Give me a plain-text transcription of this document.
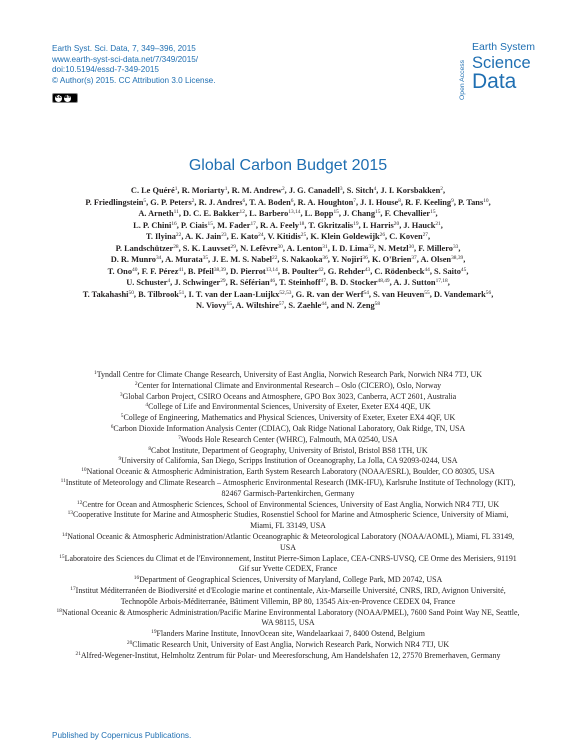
Earth Syst. Sci. Data, 7, 349–396, 2015
www.earth-syst-sci-data.net/7/349/2015/
doi:10.5194/essd-7-349-2015
© Author(s) 2015. CC Attribution 3.0 License.
cc BY	Open Access
Earth System
Science
Data
Global Carbon Budget 2015
C. Le Quéré$^1$, R. Moriarty$^1$, R. M. Andrew$^2$, J. G. Canadell$^3$, S. Sitch$^4$, J. I. Korsbakken$^2$,
P. Friedlingstein$^5$, G. P. Peters$^2$, R. J. Andres$^6$, T. A. Boden$^6$, R. A. Houghton$^7$, J. I. House$^8$, R. F. Keeling$^9$, P. Tans$^{10}$,
A. Arneth$^{11}$, D. C. E. Bakker$^{12}$, L. Barbero$^{13,14}$, L. Bopp$^{15}$, J. Chang$^{15}$, F. Chevallier$^{15}$,
L. P. Chini$^{16}$, P. Ciais$^{15}$, M. Fader$^{17}$, R. A. Feely$^{18}$, T. Gkritzalis$^{19}$, I. Harris$^{20}$, J. Hauck$^{21}$,
T. Ilyina$^{22}$, A. K. Jain$^{23}$, E. Kato$^{24}$, V. Kitidis$^{25}$, K. Klein Goldewijk$^{26}$, C. Koven$^{27}$,
P. Landschützer$^{28}$, S. K. Lauvset$^{29}$, N. Lefèvre$^{30}$, A. Lenton$^{31}$, I. D. Lima$^{32}$, N. Metzl$^{30}$, F. Millero$^{33}$,
D. R. Munro$^{34}$, A. Murata$^{35}$, J. E. M. S. Nabel$^{22}$, S. Nakaoka$^{36}$, Y. Nojiri$^{36}$, K. O'Brien$^{37}$, A. Olsen$^{38,39}$,
T. Ono$^{40}$, F. F. Pérez$^{41}$, B. Pfeil$^{38,39}$, D. Pierrot$^{13,14}$, B. Poulter$^{42}$, G. Rehder$^{43}$, C. Rödenbeck$^{44}$, S. Saito$^{45}$,
U. Schuster$^4$, J. Schwinger$^{29}$, R. Séférian$^{46}$, T. Steinhoff$^{47}$, B. D. Stocker$^{48,49}$, A. J. Sutton$^{17,18}$,
T. Takahashi$^{50}$, B. Tilbrook$^{51}$, I. T. van der Laan-Luijkx$^{52,53}$, G. R. van der Werf$^{54}$, S. van Heuven$^{55}$, D. Vandemark$^{56}$,
N. Viovy$^{15}$, A. Wiltshire$^{57}$, S. Zaehle$^{44}$, and N. Zeng$^{58}$
$^1$Tyndall Centre for Climate Change Research, University of East Anglia, Norwich Research Park, Norwich NR4 7TJ, UK
$^2$Center for International Climate and Environmental Research – Oslo (CICERO), Oslo, Norway
$^3$Global Carbon Project, CSIRO Oceans and Atmosphere, GPO Box 3023, Canberra, ACT 2601, Australia
$^4$College of Life and Environmental Sciences, University of Exeter, Exeter EX4 4QE, UK
$^5$College of Engineering, Mathematics and Physical Sciences, University of Exeter, Exeter EX4 4QF, UK
$^6$Carbon Dioxide Information Analysis Center (CDIAC), Oak Ridge National Laboratory, Oak Ridge, TN, USA
$^7$Woods Hole Research Center (WHRC), Falmouth, MA 02540, USA
$^8$Cabot Institute, Department of Geography, University of Bristol, Bristol BS8 1TH, UK
$^9$University of California, San Diego, Scripps Institution of Oceanography, La Jolla, CA 92093-0244, USA
$^{10}$National Oceanic & Atmospheric Administration, Earth System Research Laboratory (NOAA/ESRL), Boulder, CO 80305, USA
$^{11}$Institute of Meteorology and Climate Research – Atmospheric Environmental Research (IMK-IFU), Karlsruhe Institute of Technology (KIT), 82467 Garmisch-Partenkirchen, Germany
$^{12}$Centre for Ocean and Atmospheric Sciences, School of Environmental Sciences, University of East Anglia, Norwich NR4 7TJ, UK
$^{13}$Cooperative Institute for Marine and Atmospheric Studies, Rosenstiel School for Marine and Atmospheric Science, University of Miami, Miami, FL 33149, USA
$^{14}$National Oceanic & Atmospheric Administration/Atlantic Oceanographic & Meteorological Laboratory (NOAA/AOML), Miami, FL 33149, USA
$^{15}$Laboratoire des Sciences du Climat et de l'Environnement, Institut Pierre-Simon Laplace, CEA-CNRS-UVSQ, CE Orme des Merisiers, 91191 Gif sur Yvette CEDEX, France
$^{16}$Department of Geographical Sciences, University of Maryland, College Park, MD 20742, USA
$^{17}$Institut Méditerranéen de Biodiversité et d'Ecologie marine et continentale, Aix-Marseille Université, CNRS, IRD, Avignon Université, Technopôle Arbois-Méditerranée, Bâtiment Villemin, BP 80, 13545 Aix-en-Provence CEDEX 04, France
$^{18}$National Oceanic & Atmospheric Administration/Pacific Marine Environmental Laboratory (NOAA/PMEL), 7600 Sand Point Way NE, Seattle, WA 98115, USA
$^{19}$Flanders Marine Institute, InnovOcean site, Wandelaarkaai 7, 8400 Ostend, Belgium
$^{20}$Climatic Research Unit, University of East Anglia, Norwich Research Park, Norwich NR4 7TJ, UK
$^{21}$Alfred-Wegener-Institut, Helmholtz Zentrum für Polar- und Meeresforschung, Am Handelshafen 12, 27570 Bremerhaven, Germany
Published by Copernicus Publications.
